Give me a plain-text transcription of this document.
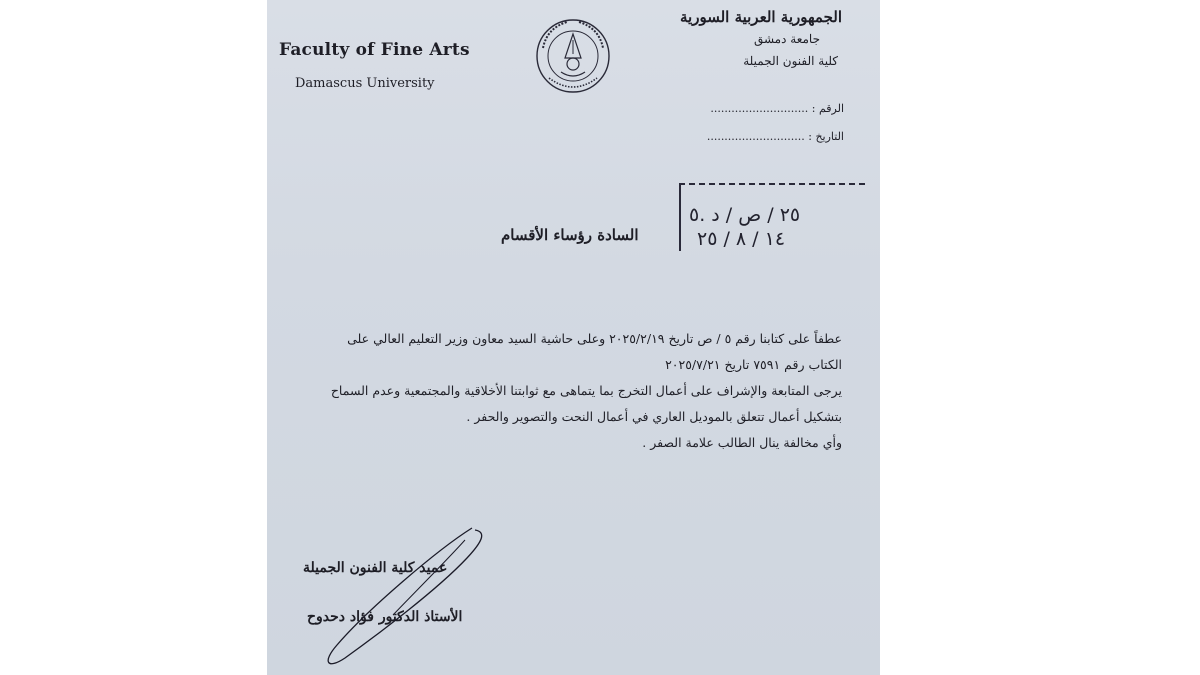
Faculty of Fine Arts
Damascus University
الجمهورية العربية السورية
جامعة دمشق
كلية الفنون الجميلة
الرقم : ............................
التاريخ : ............................
٢٥ / ص / د .٥
١٤ / ٨ / ٢٥
السادة رؤساء الأقسام

عطفاً على كتابنا رقم ٥ / ص تاريخ ٢٠٢٥/٢/١٩ وعلى حاشية السيد معاون وزير التعليم العالي على

الكتاب رقم ٧٥٩١ تاريخ ٢٠٢٥/٧/٢١

يرجى المتابعة والإشراف على أعمال التخرج بما يتماهى مع ثوابتنا الأخلاقية والمجتمعية وعدم السماح

بتشكيل أعمال تتعلق بالموديل العاري في أعمال النحت والتصوير والحفر .

وأي مخالفة ينال الطالب علامة الصفر .

عميد كلية الفنون الجميلة
الأستاذ الدكتور فؤاد دحدوح
